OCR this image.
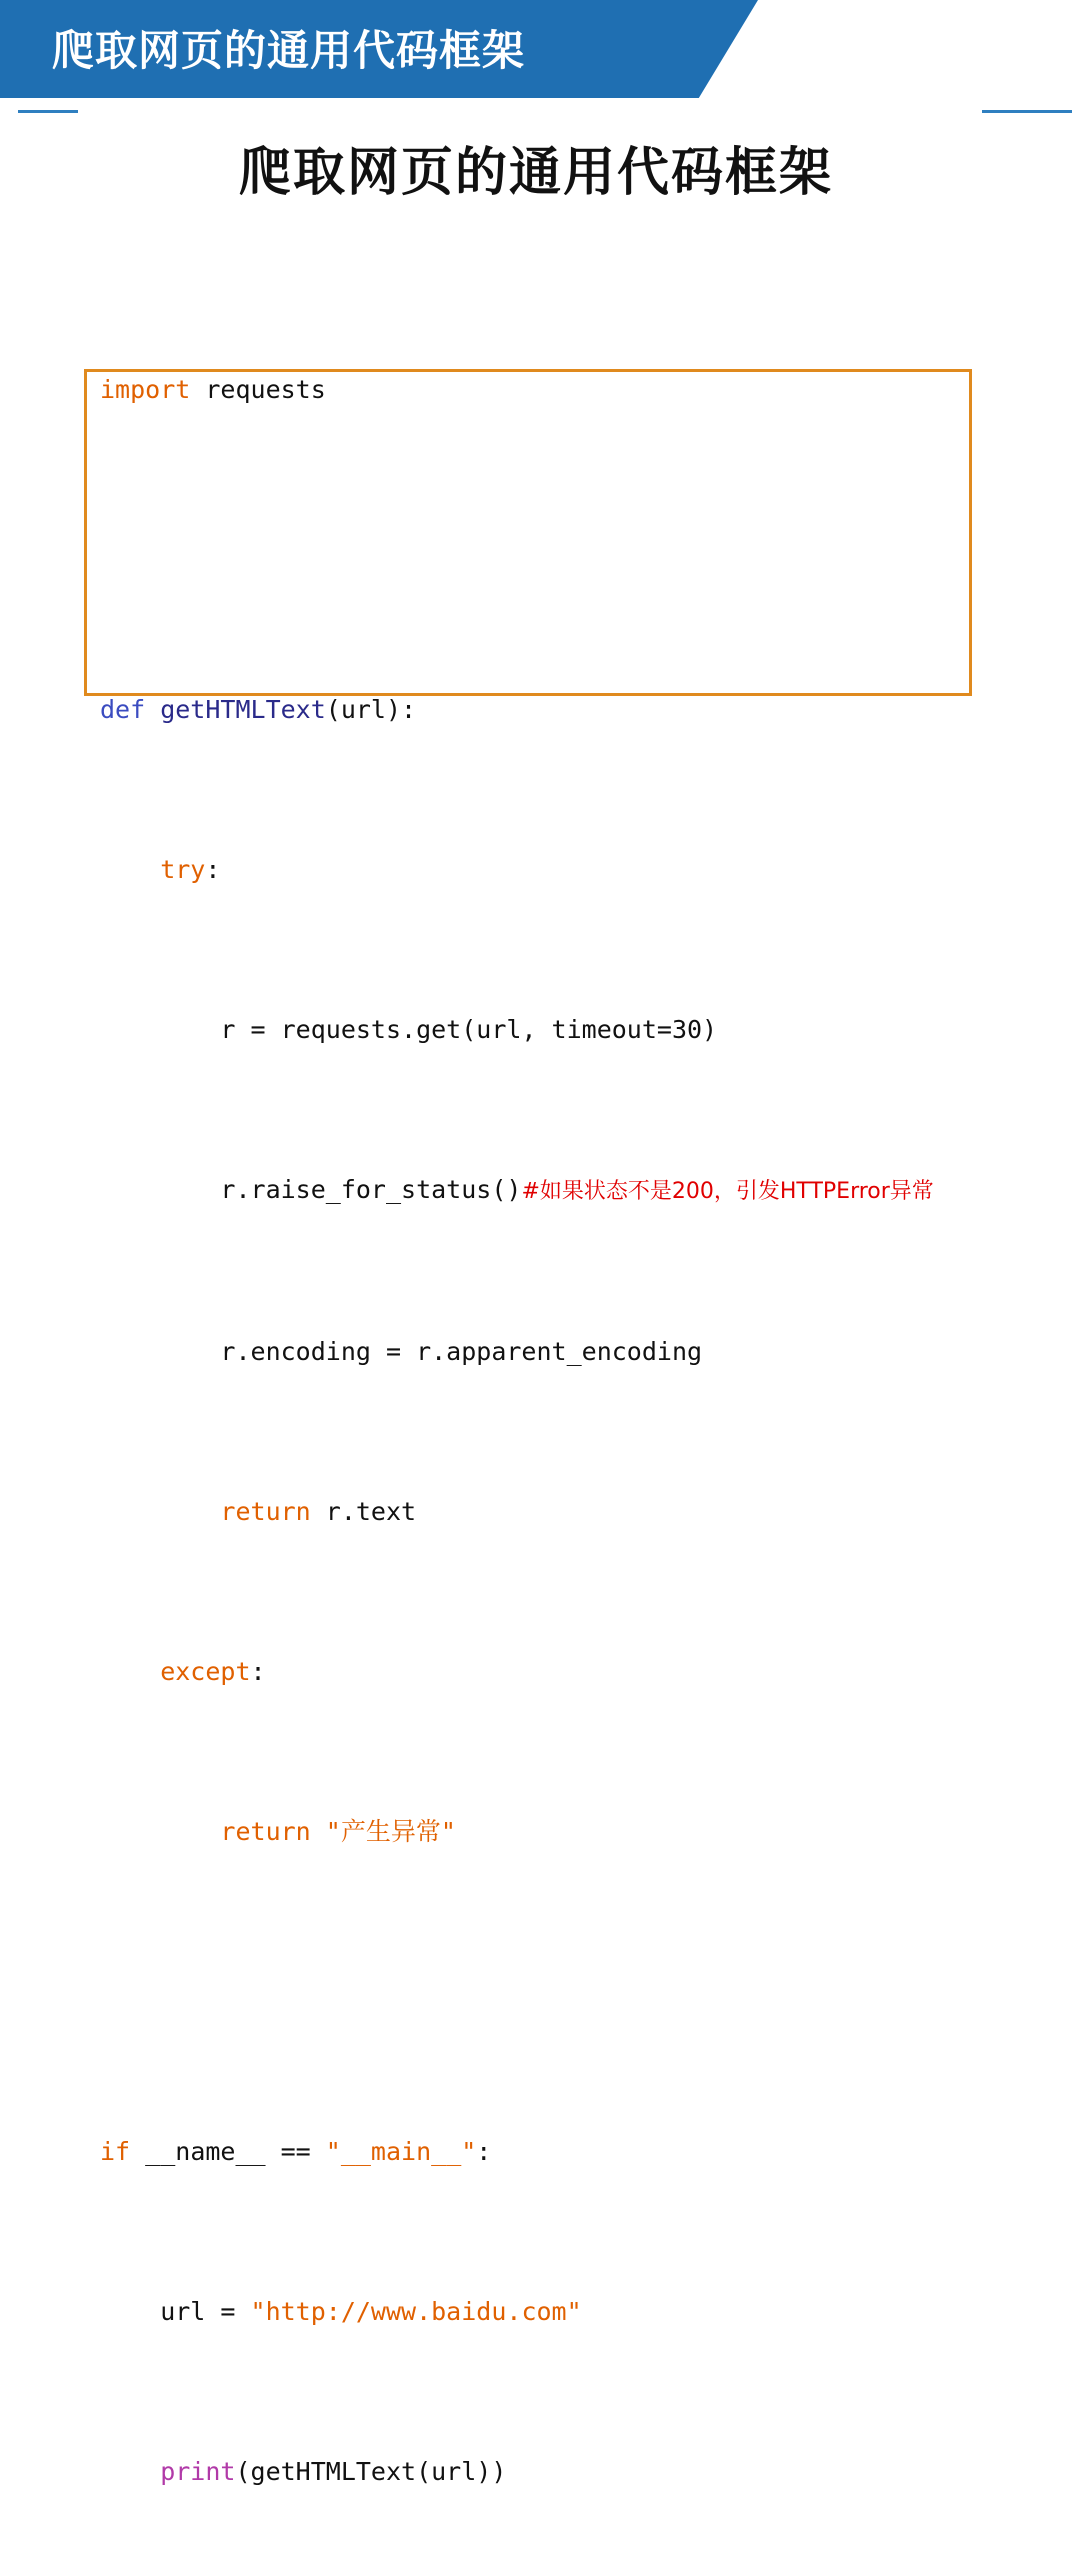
爬取网页的通用代码框架
爬取网页的通用代码框架

import requests

def getHTMLText(url):

try:

r = requests.get(url, timeout=30)

r.raise_for_status()#如果状态不是200，引发HTTPError异常

r.encoding = r.apparent_encoding

return r.text

except:

return "产生异常"

if __name__ == "__main__":

url = "http://www.baidu.com"

print(getHTMLText(url))
